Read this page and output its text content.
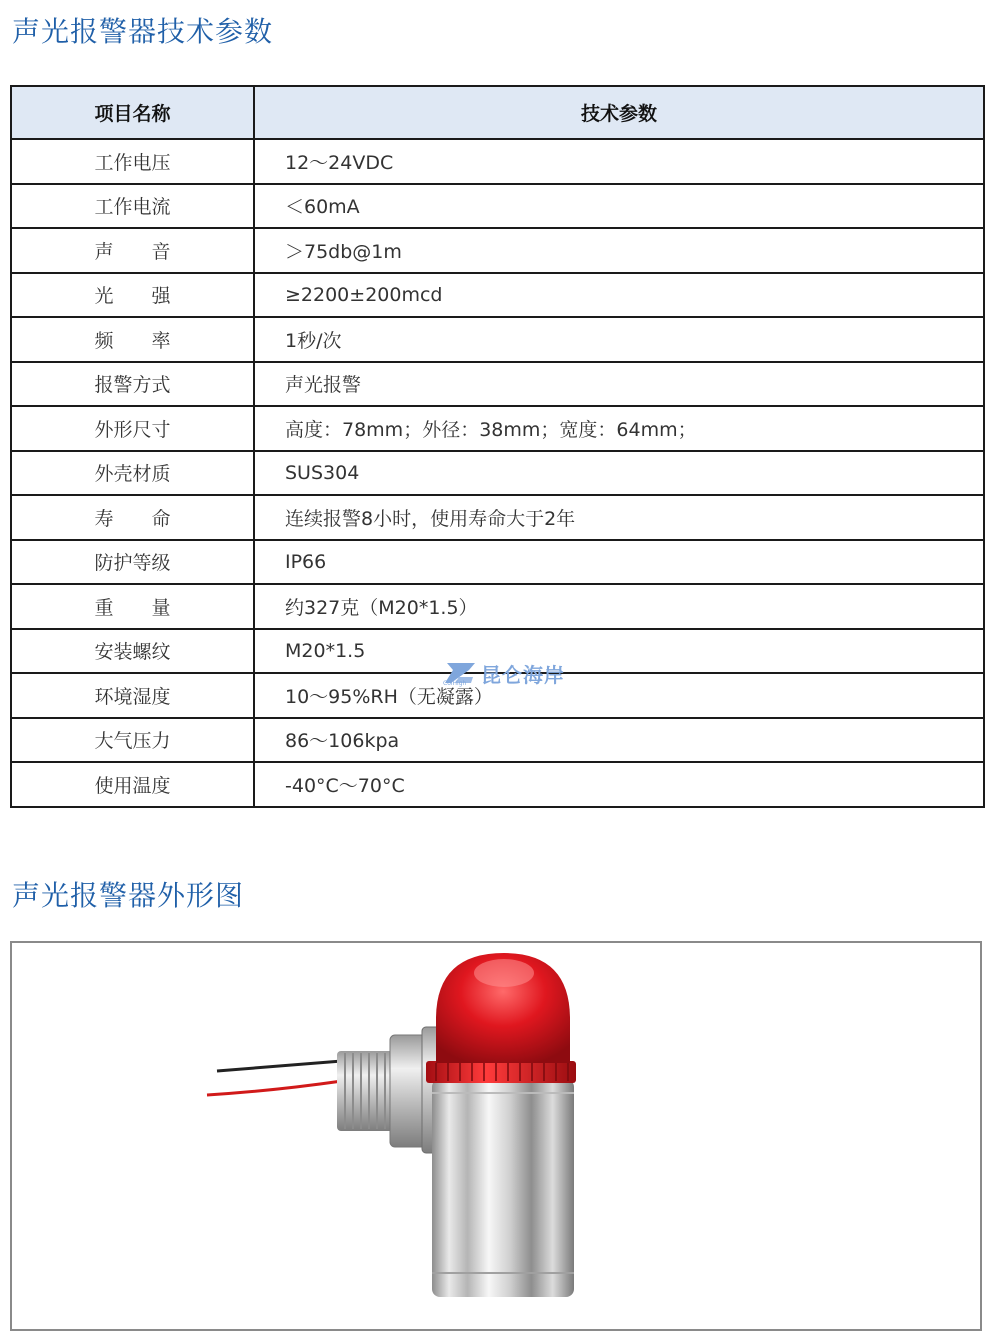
声光报警器技术参数
项目名称	技术参数
工作电压	12～24VDC
工作电流	＜60mA
声　　音	＞75db@1m
光　　强	≥2200±200mcd
频　　率	1秒/次
报警方式	声光报警
外形尺寸	高度：78mm；外径：38mm；宽度：64mm；
外壳材质	SUS304
寿　　命	连续报警8小时，使用寿命大于2年
防护等级	IP66
重　　量	约327克（M20*1.5）
安装螺纹	M20*1.5
环境湿度	10～95%RH（无凝露）
大气压力	86～106kpa
使用温度	-40°C～70°C
昆仑海岸
ColHigh
声光报警器外形图
